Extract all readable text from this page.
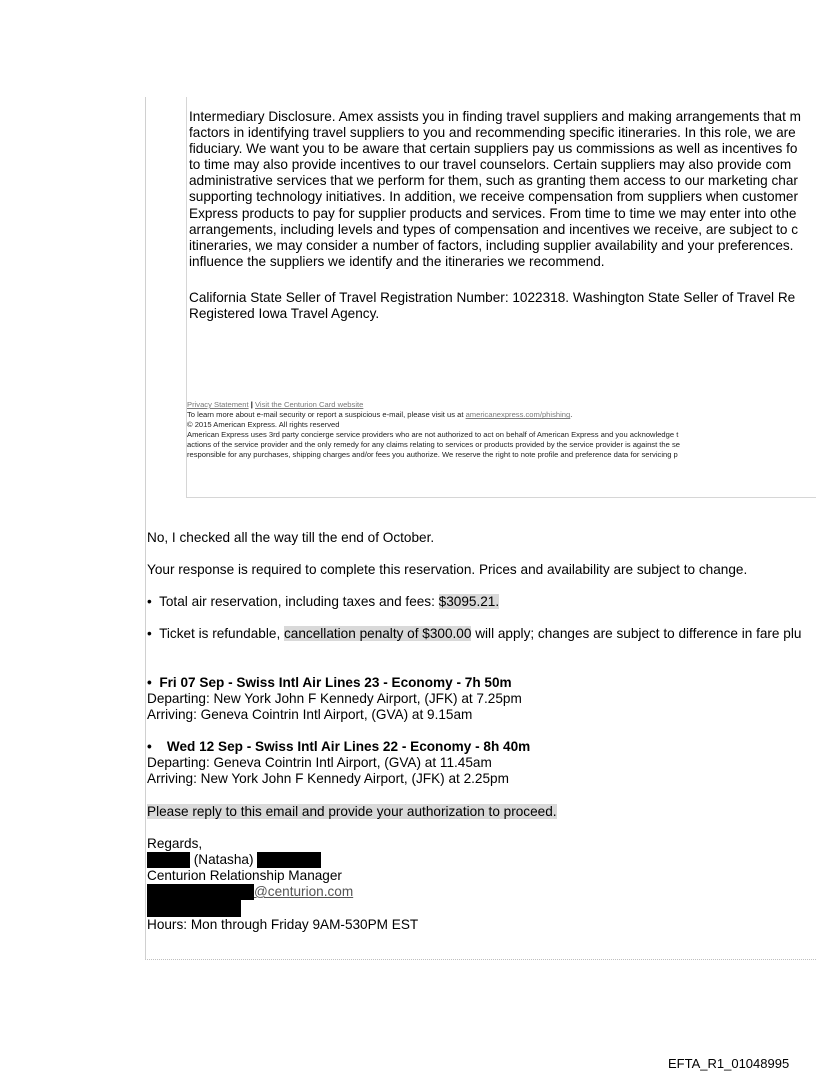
Intermediary Disclosure. Amex assists you in finding travel suppliers and making arrangements that m
factors in identifying travel suppliers to you and recommending specific itineraries. In this role, we are
fiduciary. We want you to be aware that certain suppliers pay us commissions as well as incentives fo
to time may also provide incentives to our travel counselors. Certain suppliers may also provide com
administrative services that we perform for them, such as granting them access to our marketing char
supporting technology initiatives. In addition, we receive compensation from suppliers when customer
Express products to pay for supplier products and services. From time to time we may enter into othe
arrangements, including levels and types of compensation and incentives we receive, are subject to c
itineraries, we may consider a number of factors, including supplier availability and your preferences.
influence the suppliers we identify and the itineraries we recommend.
California State Seller of Travel Registration Number: 1022318. Washington State Seller of Travel Re
Registered Iowa Travel Agency.
Privacy Statement | Visit the Centurion Card website
To learn more about e-mail security or report a suspicious e-mail, please visit us at americanexpress.com/phishing.
© 2015 American Express. All rights reserved
American Express uses 3rd party concierge service providers who are not authorized to act on behalf of American Express and you acknowledge t
actions of the service provider and the only remedy for any claims relating to services or products provided by the service provider is against the se
responsible for any purchases, shipping charges and/or fees you authorize. We reserve the right to note profile and preference data for servicing p
No, I checked all the way till the end of October.
Your response is required to complete this reservation. Prices and availability are subject to change.
• Total air reservation, including taxes and fees: $3095.21.
• Ticket is refundable, cancellation penalty of $300.00 will apply; changes are subject to difference in fare plu
• Fri 07 Sep - Swiss Intl Air Lines 23 - Economy - 7h 50m
Departing: New York John F Kennedy Airport, (JFK) at 7.25pm
Arriving: Geneva Cointrin Intl Airport, (GVA) at 9.15am
• Wed 12 Sep - Swiss Intl Air Lines 22 - Economy - 8h 40m
Departing: Geneva Cointrin Intl Airport, (GVA) at 11.45am
Arriving: New York John F Kennedy Airport, (JFK) at 2.25pm
Please reply to this email and provide your authorization to proceed.
Regards,
(Natasha)
Centurion Relationship Manager
@centurion.com

Hours: Mon through Friday 9AM-530PM EST
EFTA_R1_01048995
